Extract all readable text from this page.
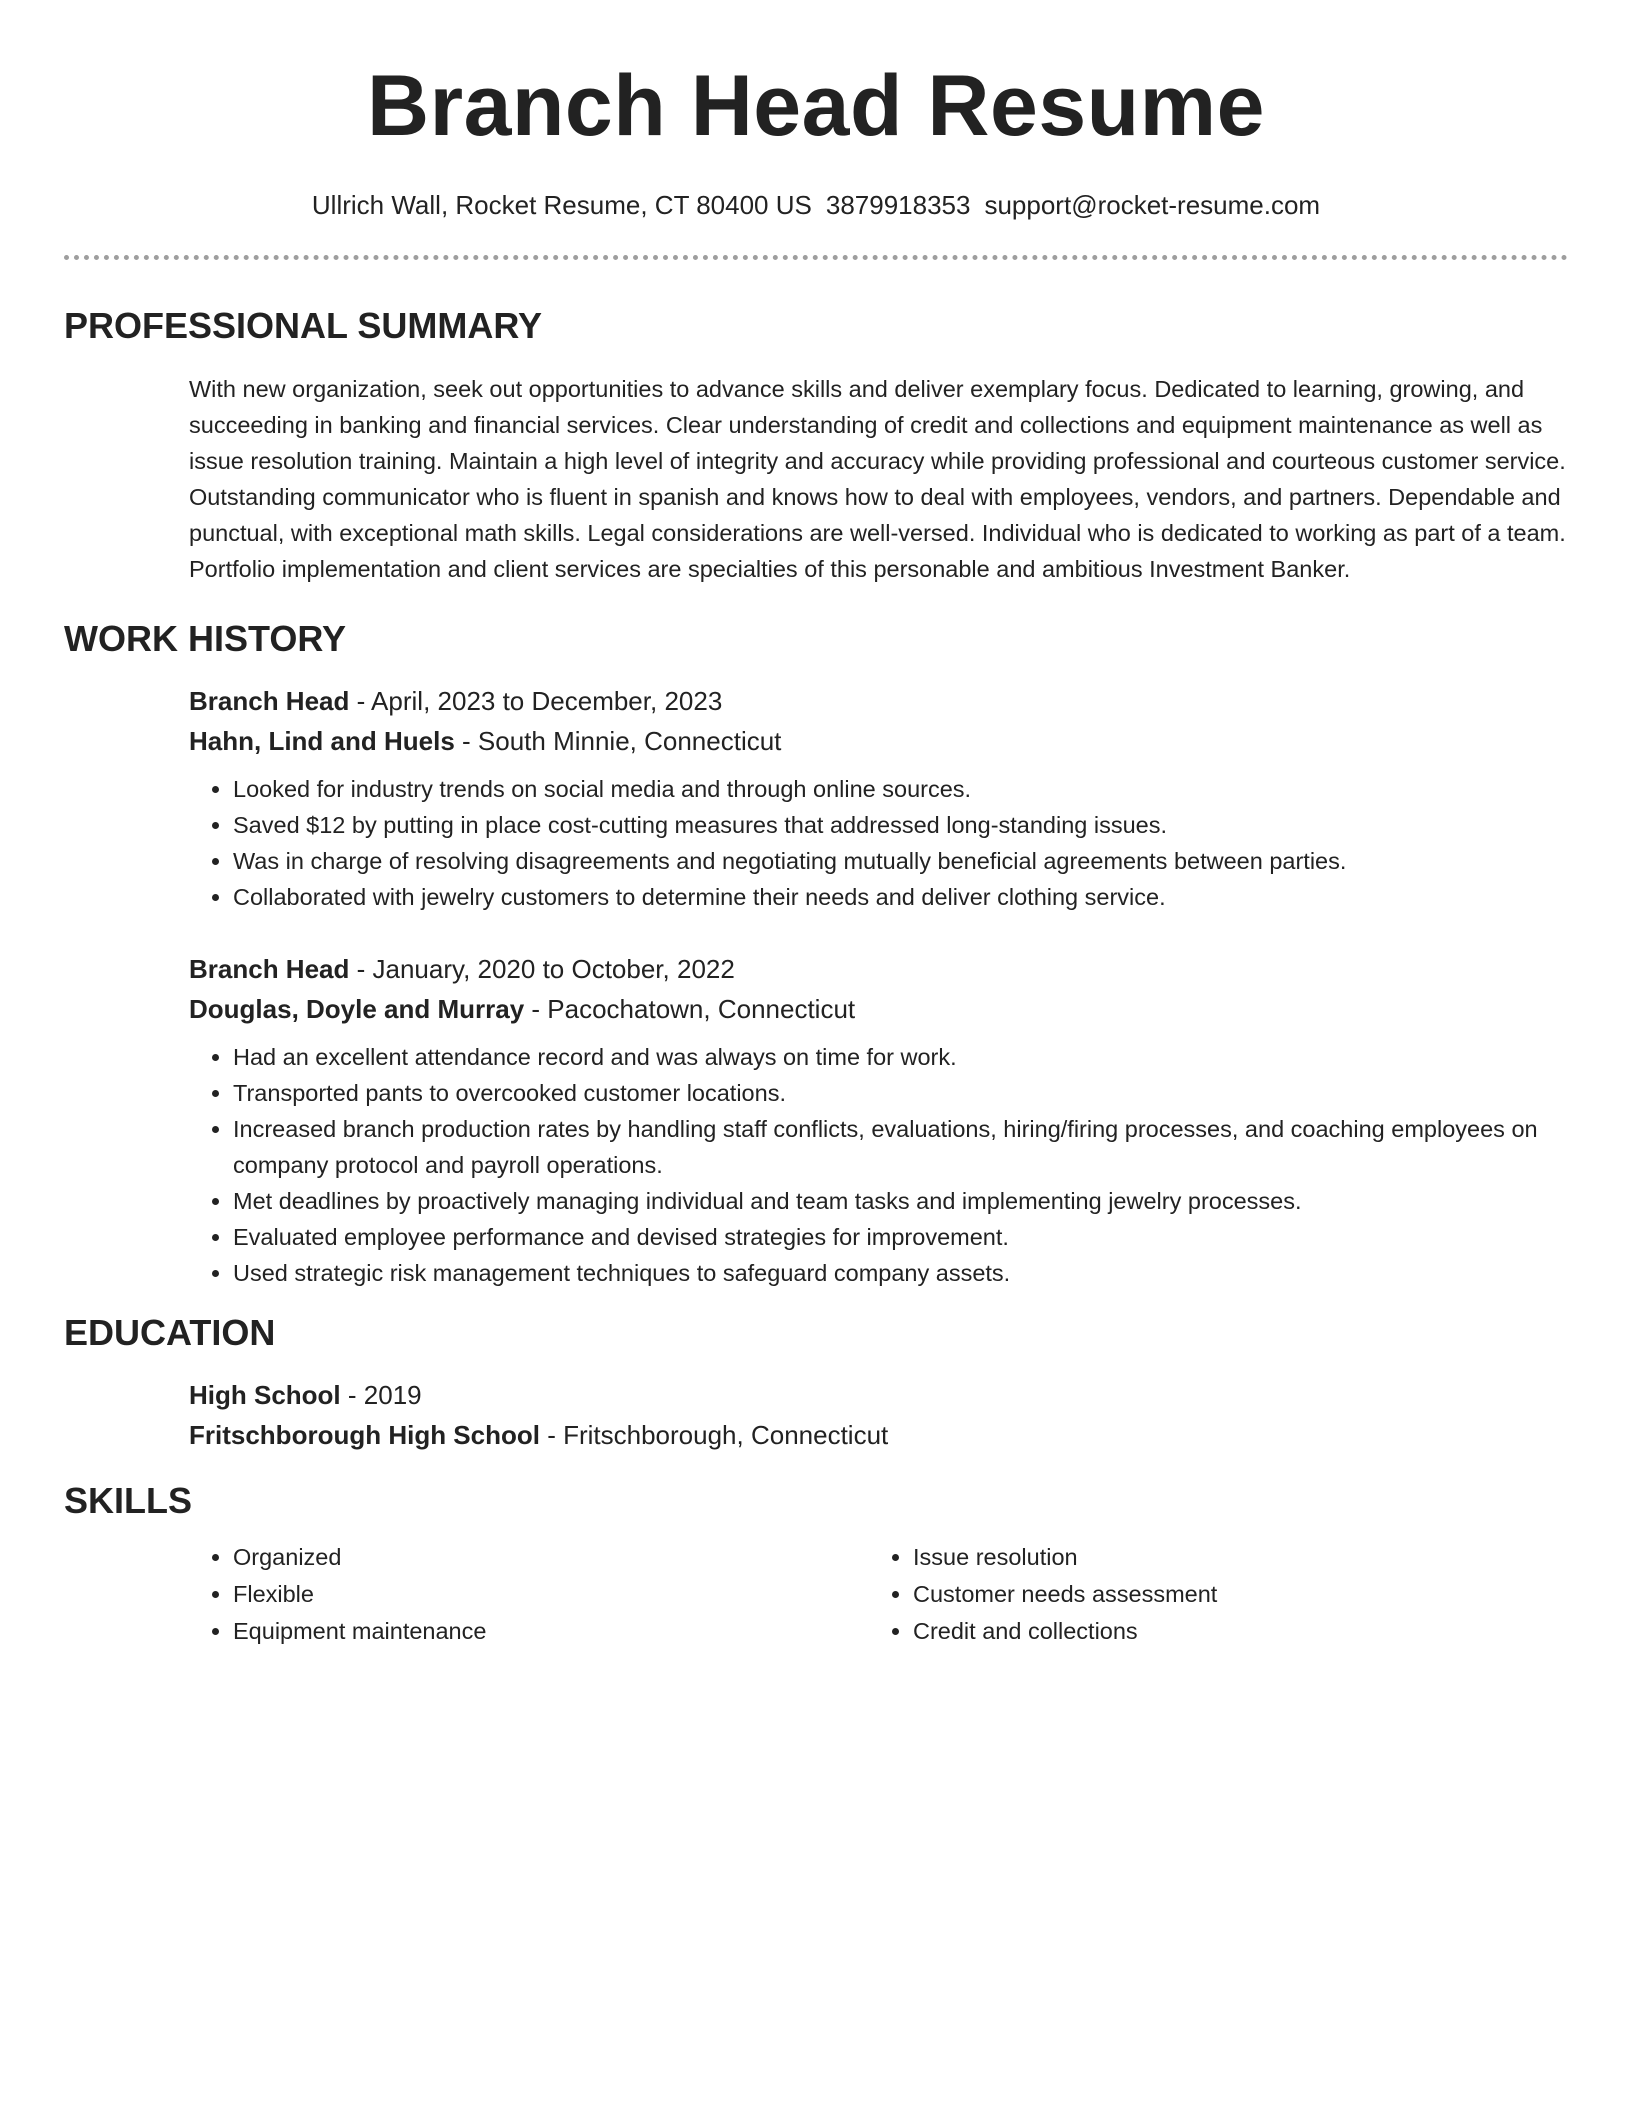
Branch Head Resume
Ullrich Wall, Rocket Resume, CT 80400 US 3879918353 support@rocket-resume.com
PROFESSIONAL SUMMARY
With new organization, seek out opportunities to advance skills and deliver exemplary focus. Dedicated to learning, growing, and succeeding in banking and financial services. Clear understanding of credit and collections and equipment maintenance as well as issue resolution training. Maintain a high level of integrity and accuracy while providing professional and courteous customer service. Outstanding communicator who is fluent in spanish and knows how to deal with employees, vendors, and partners. Dependable and punctual, with exceptional math skills. Legal considerations are well-versed. Individual who is dedicated to working as part of a team. Portfolio implementation and client services are specialties of this personable and ambitious Investment Banker.
WORK HISTORY
Branch Head - April, 2023 to December, 2023
Hahn, Lind and Huels - South Minnie, Connecticut
• Looked for industry trends on social media and through online sources.
• Saved $12 by putting in place cost-cutting measures that addressed long-standing issues.
• Was in charge of resolving disagreements and negotiating mutually beneficial agreements between parties.
• Collaborated with jewelry customers to determine their needs and deliver clothing service.
Branch Head - January, 2020 to October, 2022
Douglas, Doyle and Murray - Pacochatown, Connecticut
• Had an excellent attendance record and was always on time for work.
• Transported pants to overcooked customer locations.
• Increased branch production rates by handling staff conflicts, evaluations, hiring/firing processes, and coaching employees on company protocol and payroll operations.
• Met deadlines by proactively managing individual and team tasks and implementing jewelry processes.
• Evaluated employee performance and devised strategies for improvement.
• Used strategic risk management techniques to safeguard company assets.
EDUCATION
High School - 2019
Fritschborough High School - Fritschborough, Connecticut
SKILLS
• Organized
• Flexible
• Equipment maintenance
• Issue resolution
• Customer needs assessment
• Credit and collections
